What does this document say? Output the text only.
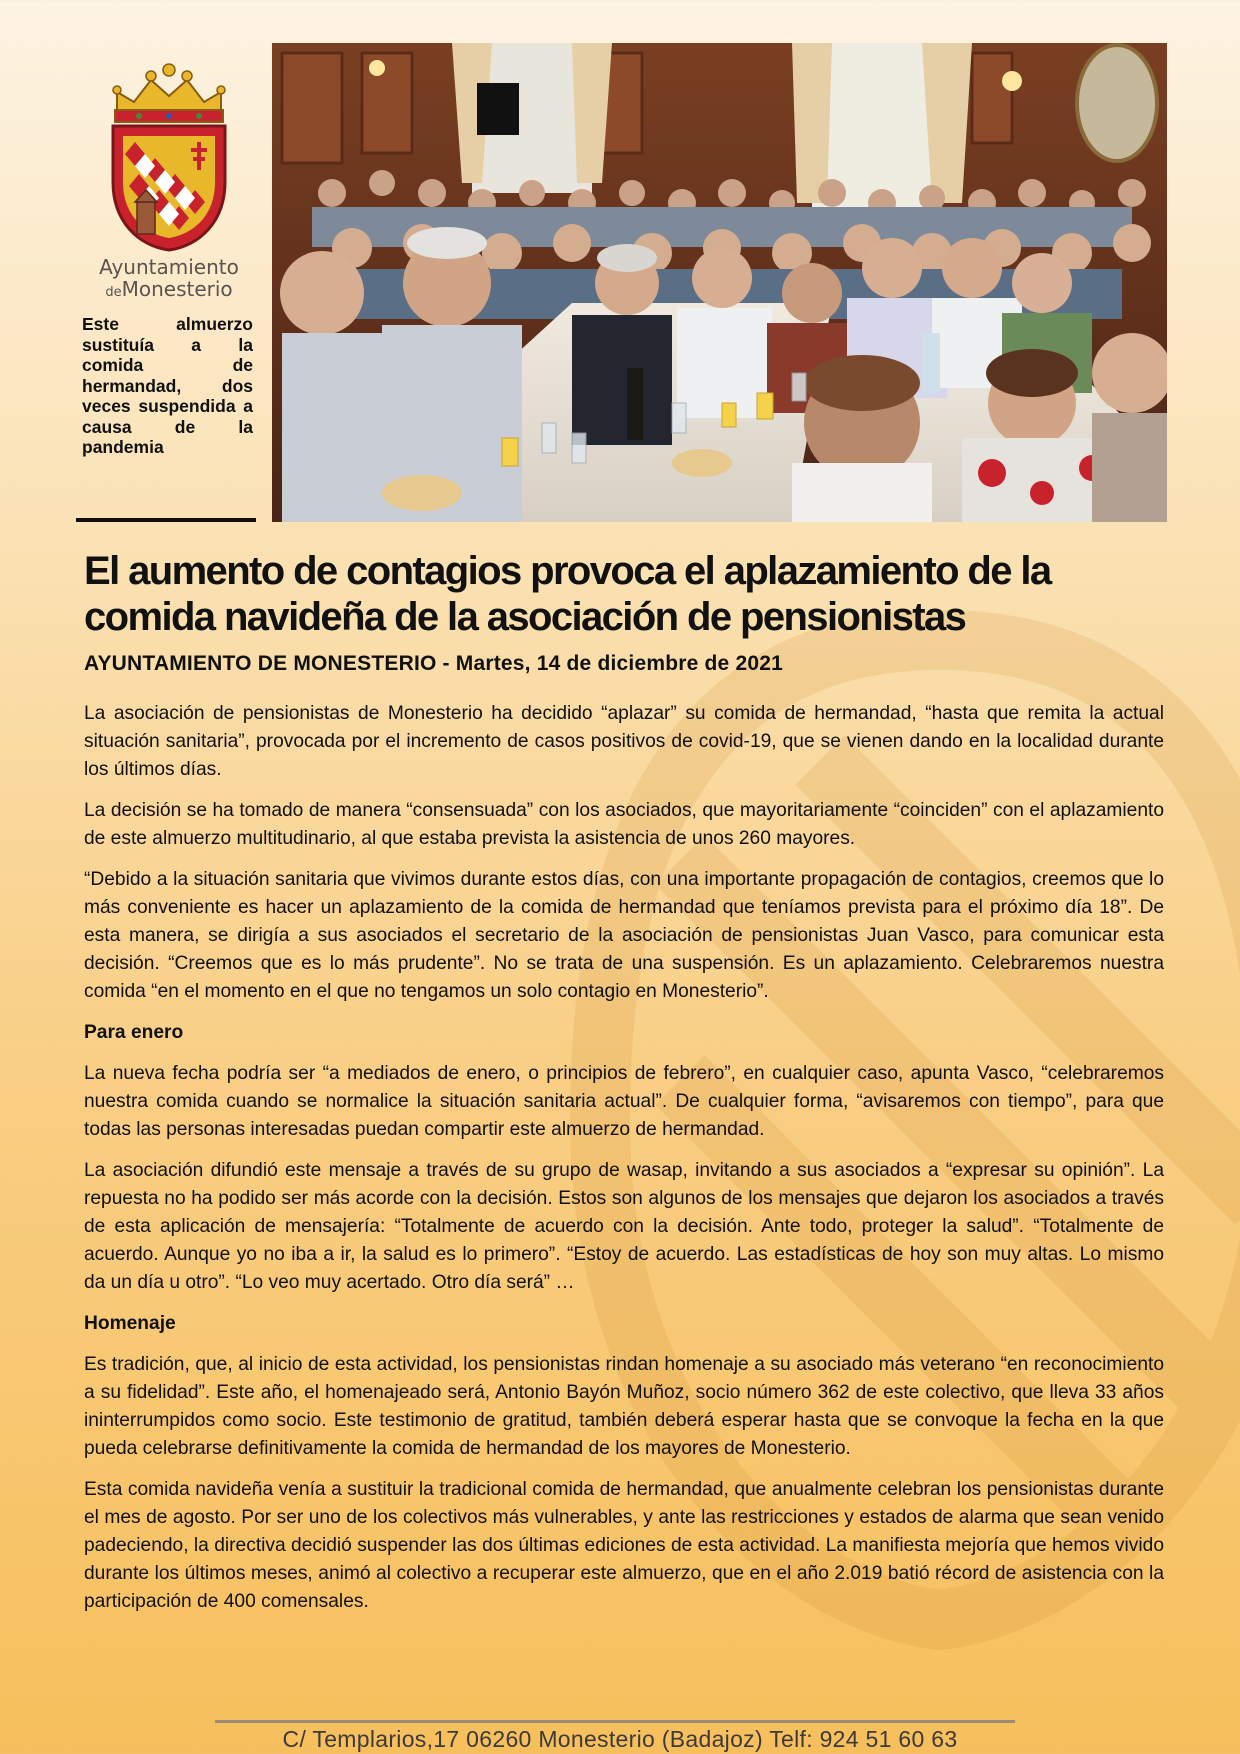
Ayuntamiento
deMonesterio

Este almuerzo sustituía a la comida de hermandad, dos veces suspendida a causa de la pandemia

El aumento de contagios provoca el aplazamiento de la comida navideña de la asociación de pensionistas

AYUNTAMIENTO DE MONESTERIO - Martes, 14 de diciembre de 2021

La asociación de pensionistas de Monesterio ha decidido “aplazar” su comida de hermandad, “hasta que remita la actual situación sanitaria”, provocada por el incremento de casos positivos de covid-19, que se vienen dando en la localidad durante los últimos días.

La decisión se ha tomado de manera “consensuada” con los asociados, que mayoritariamente “coinciden” con el aplazamiento de este almuerzo multitudinario, al que estaba prevista la asistencia de unos 260 mayores.

“Debido a la situación sanitaria que vivimos durante estos días, con una importante propagación de contagios, creemos que lo más conveniente es hacer un aplazamiento de la comida de hermandad que teníamos prevista para el próximo día 18”. De esta manera, se dirigía a sus asociados el secretario de la asociación de pensionistas Juan Vasco, para comunicar esta decisión. “Creemos que es lo más prudente”. No se trata de una suspensión. Es un aplazamiento. Celebraremos nuestra comida “en el momento en el que no tengamos un solo contagio en Monesterio”.

Para enero

La nueva fecha podría ser “a mediados de enero, o principios de febrero”, en cualquier caso, apunta Vasco, “celebraremos nuestra comida cuando se normalice la situación sanitaria actual”. De cualquier forma, “avisaremos con tiempo”, para que todas las personas interesadas puedan compartir este almuerzo de hermandad.

La asociación difundió este mensaje a través de su grupo de wasap, invitando a sus asociados a “expresar su opinión”. La repuesta no ha podido ser más acorde con la decisión. Estos son algunos de los mensajes que dejaron los asociados a través de esta aplicación de mensajería: “Totalmente de acuerdo con la decisión. Ante todo, proteger la salud”. “Totalmente de acuerdo. Aunque yo no iba a ir, la salud es lo primero”. “Estoy de acuerdo. Las estadísticas de hoy son muy altas. Lo mismo da un día u otro”. “Lo veo muy acertado. Otro día será” …

Homenaje

Es tradición, que, al inicio de esta actividad, los pensionistas rindan homenaje a su asociado más veterano “en reconocimiento a su fidelidad”. Este año, el homenajeado será, Antonio Bayón Muñoz, socio número 362 de este colectivo, que lleva 33 años ininterrumpidos como socio. Este testimonio de gratitud, también deberá esperar hasta que se convoque la fecha en la que pueda celebrarse definitivamente la comida de hermandad de los mayores de Monesterio.

Esta comida navideña venía a sustituir la tradicional comida de hermandad, que anualmente celebran los pensionistas durante el mes de agosto. Por ser uno de los colectivos más vulnerables, y ante las restricciones y estados de alarma que sean venido padeciendo, la directiva decidió suspender las dos últimas ediciones de esta actividad. La manifiesta mejoría que hemos vivido durante los últimos meses, animó al colectivo a recuperar este almuerzo, que en el año 2.019 batió récord de asistencia con la participación de 400 comensales.

C/ Templarios,17 06260 Monesterio (Badajoz) Telf: 924 51 60 63
